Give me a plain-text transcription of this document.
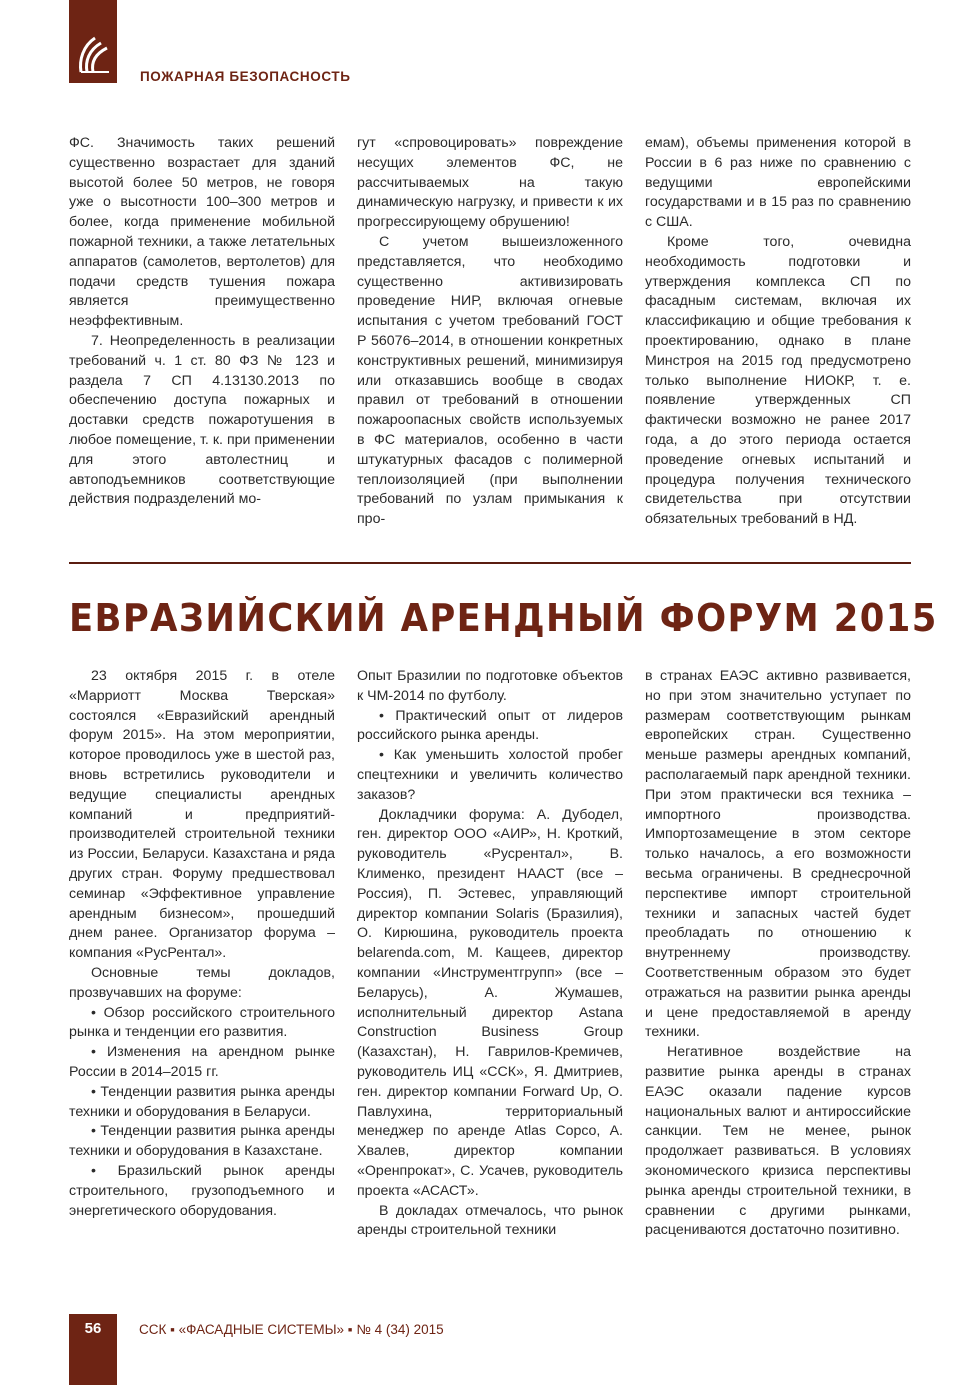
ПОЖАРНАЯ БЕЗОПАСНОСТЬ

ФС. Значимость таких решений существенно возрастает для зданий высотой более 50 метров, не говоря уже о высотности 100–300 метров и более, когда применение мобильной пожарной техники, а также летательных аппаратов (самолетов, вертолетов) для подачи средств тушения пожара является преимущественно неэффективным.

7. Неопределенность в реализации требований ч. 1 ст. 80 ФЗ № 123 и раздела 7 СП 4.13130.2013 по обеспечению доступа пожарных и доставки средств пожаротушения в любое помещение, т. к. при применении для этого автолестниц и автоподъемников соответствующие действия подразделений мо-

гут «спровоцировать» повреждение несущих элементов ФС, не рассчитываемых на такую динамическую нагрузку, и привести к их прогрессирующему обрушению!

С учетом вышеизложенного представляется, что необходимо существенно активизировать проведение НИР, включая огневые испытания с учетом требований ГОСТ Р 56076–2014, в отношении конкретных конструктивных решений, минимизируя или отказавшись вообще в сводах правил от требований в отношении пожароопасных свойств используемых в ФС материалов, особенно в части штукатурных фасадов с полимерной теплоизоляцией (при выполнении требований по узлам примыкания к про-

емам), объемы применения которой в России в 6 раз ниже по сравнению с ведущими европейскими государствами и в 15 раз по сравнению с США.

Кроме того, очевидна необходимость подготовки и утверждения комплекса СП по фасадным системам, включая их классификацию и общие требования к проектированию, однако в плане Минстроя на 2015 год предусмотрено только выполнение НИОКР, т. е. появление утвержденных СП фактически возможно не ранее 2017 года, а до этого периода остается проведение огневых испытаний и процедура получения технического свидетельства при отсутствии обязательных требований в НД.

ЕВРАЗИЙСКИЙ АРЕНДНЫЙ ФОРУМ 2015

23 октября 2015 г. в отеле «Марриотт Москва Тверская» состоялся «Евразийский арендный форум 2015». На этом мероприятии, которое проводилось уже в шестой раз, вновь встретились руководители и ведущие специалисты арендных компаний и предприятий-производителей строительной техники из России, Беларуси. Казахстана и ряда других стран. Форуму предшествовал семинар «Эффективное управление арендным бизнесом», прошедший днем ранее. Организатор форума – компания «РусРентал».

Основные темы докладов, прозвучавших на форуме:

• Обзор российского строительного рынка и тенденции его развития.

• Изменения на арендном рынке России в 2014–2015 гг.

• Тенденции развития рынка аренды техники и оборудования в Беларуси.

• Тенденции развития рынка аренды техники и оборудования в Казахстане.

• Бразильский рынок аренды строительного, грузоподъемного и энергетического оборудования.

Опыт Бразилии по подготовке объектов к ЧМ-2014 по футболу.

• Практический опыт от лидеров российского рынка аренды.

• Как уменьшить холостой пробег спецтехники и увеличить количество заказов?

Докладчики форума: А. Дубодел, ген. директор ООО «АИР», Н. Кроткий, руководитель «Русрентал», В. Клименко, президент НААСТ (все – Россия), П. Эстевес, управляющий директор компании Solaris (Бразилия), О. Кирюшина, руководитель проекта belarenda.com, М. Кащеев, директор компании «Инструментгрупп» (все – Беларусь), А. Жумашев, исполнительный директор Astana Construction Business Group (Казахстан), Н. Гаврилов-Кремичев, руководитель ИЦ «ССК», Я. Дмитриев, ген. директор компании Forward Up, О. Павлухина, территориальный менеджер по аренде Atlas Copco, А. Хвалев, директор компании «Оренпрокат», С. Усачев, руководитель проекта «АСАСТ».

В докладах отмечалось, что рынок аренды строительной техники

в странах ЕАЭС активно развивается, но при этом значительно уступает по размерам соответствующим рынкам европейских стран. Существенно меньше размеры арендных компаний, располагаемый парк арендной техники. При этом практически вся техника – импортного производства. Импортозамещение в этом секторе только началось, а его возможности весьма ограничены. В среднесрочной перспективе импорт строительной техники и запасных частей будет преобладать по отношению к внутреннему производству. Соответственным образом это будет отражаться на развитии рынка аренды и цене предоставляемой в аренду техники.

Негативное воздействие на развитие рынка аренды в странах ЕАЭС оказали падение курсов национальных валют и антироссийские санкции. Тем не менее, рынок продолжает развиваться. В условиях экономического кризиса перспективы рынка аренды строительной техники, в сравнении с другими рынками, расцениваются достаточно позитивно.

56	ССК ▪ «ФАСАДНЫЕ СИСТЕМЫ» ▪ № 4 (34) 2015
